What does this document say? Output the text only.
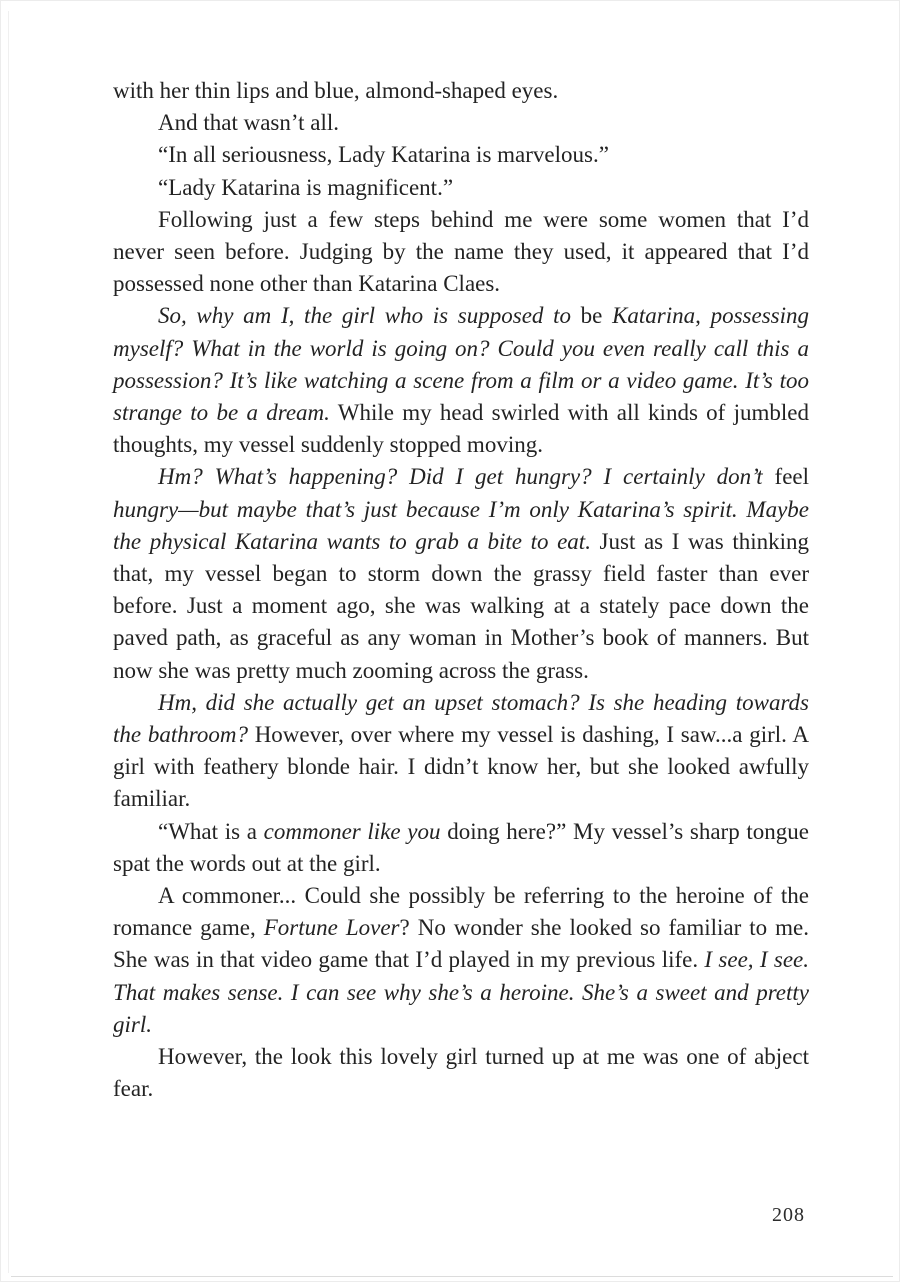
with her thin lips and blue, almond-shaped eyes.

And that wasn’t all.

“In all seriousness, Lady Katarina is marvelous.”

“Lady Katarina is magnificent.”

Following just a few steps behind me were some women that I’d never seen before. Judging by the name they used, it appeared that I’d possessed none other than Katarina Claes.

So, why am I, the girl who is supposed to be Katarina, possessing myself? What in the world is going on? Could you even really call this a possession? It’s like watching a scene from a film or a video game. It’s too strange to be a dream. While my head swirled with all kinds of jumbled thoughts, my vessel suddenly stopped moving.

Hm? What’s happening? Did I get hungry? I certainly don’t feel hungry—but maybe that’s just because I’m only Katarina’s spirit. Maybe the physical Katarina wants to grab a bite to eat. Just as I was thinking that, my vessel began to storm down the grassy field faster than ever before. Just a moment ago, she was walking at a stately pace down the paved path, as graceful as any woman in Mother’s book of manners. But now she was pretty much zooming across the grass.

Hm, did she actually get an upset stomach? Is she heading towards the bathroom? However, over where my vessel is dashing, I saw...a girl. A girl with feathery blonde hair. I didn’t know her, but she looked awfully familiar.

“What is a commoner like you doing here?” My vessel’s sharp tongue spat the words out at the girl.

A commoner... Could she possibly be referring to the heroine of the romance game, Fortune Lover? No wonder she looked so familiar to me. She was in that video game that I’d played in my previous life. I see, I see. That makes sense. I can see why she’s a heroine. She’s a sweet and pretty girl.

However, the look this lovely girl turned up at me was one of abject fear.

208
